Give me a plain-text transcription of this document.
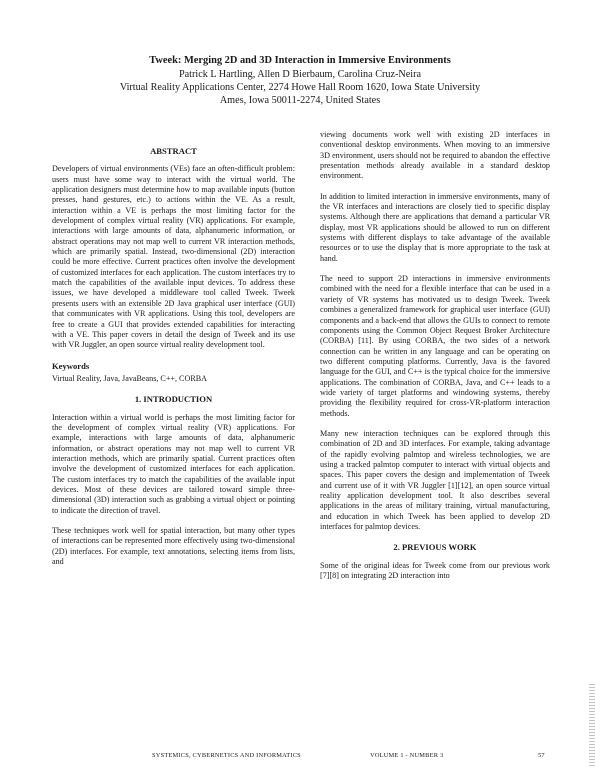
Tweek: Merging 2D and 3D Interaction in Immersive Environments
Patrick L Hartling, Allen D Bierbaum, Carolina Cruz-Neira
Virtual Reality Applications Center, 2274 Howe Hall Room 1620, Iowa State University
Ames, Iowa 50011-2274, United States
ABSTRACT

Developers of virtual environments (VEs) face an often-difficult problem: users must have some way to interact with the virtual world. The application designers must determine how to map available inputs (button presses, hand gestures, etc.) to actions within the VE. As a result, interaction within a VE is perhaps the most limiting factor for the development of complex virtual reality (VR) applications. For example, interactions with large amounts of data, alphanumeric information, or abstract operations may not map well to current VR interaction methods, which are primarily spatial. Instead, two-dimensional (2D) interaction could be more effective. Current practices often involve the development of customized interfaces for each application. The custom interfaces try to match the capabilities of the available input devices. To address these issues, we have developed a middleware tool called Tweek. Tweek presents users with an extensible 2D Java graphical user interface (GUI) that communicates with VR applications. Using this tool, developers are free to create a GUI that provides extended capabilities for interacting with a VE. This paper covers in detail the design of Tweek and its use with VR Juggler, an open source virtual reality development tool.

Keywords

Virtual Reality, Java, JavaBeans, C++, CORBA

1. INTRODUCTION

Interaction within a virtual world is perhaps the most limiting factor for the development of complex virtual reality (VR) applications. For example, interactions with large amounts of data, alphanumeric information, or abstract operations may not map well to current VR interaction methods, which are primarily spatial. Current practices often involve the development of customized interfaces for each application. The custom interfaces try to match the capabilities of the available input devices. Most of these devices are tailored toward simple three-dimensional (3D) interaction such as grabbing a virtual object or pointing to indicate the direction of travel.

These techniques work well for spatial interaction, but many other types of interactions can be represented more effectively using two-dimensional (2D) interfaces. For example, text annotations, selecting items from lists, and

viewing documents work well with existing 2D interfaces in conventional desktop environments. When moving to an immersive 3D environment, users should not be required to abandon the effective presentation methods already available in a standard desktop environment.

In addition to limited interaction in immersive environments, many of the VR interfaces and interactions are closely tied to specific display systems. Although there are applications that demand a particular VR display, most VR applications should be allowed to run on different systems with different displays to take advantage of the available resources or to use the display that is more appropriate to the task at hand.

The need to support 2D interactions in immersive environments combined with the need for a flexible interface that can be used in a variety of VR systems has motivated us to design Tweek. Tweek combines a generalized framework for graphical user interface (GUI) components and a back-end that allows the GUIs to connect to remote components using the Common Object Request Broker Architecture (CORBA) [11]. By using CORBA, the two sides of a network connection can be written in any language and can be operating on two different computing platforms. Currently, Java is the favored language for the GUI, and C++ is the typical choice for the immersive applications. The combination of CORBA, Java, and C++ leads to a wide variety of target platforms and windowing systems, thereby providing the flexibility required for cross-VR-platform interaction methods.

Many new interaction techniques can be explored through this combination of 2D and 3D interfaces. For example, taking advantage of the rapidly evolving palmtop and wireless technologies, we are using a tracked palmtop computer to interact with virtual objects and spaces. This paper covers the design and implementation of Tweek and current use of it with VR Juggler [1][12], an open source virtual reality application development tool. It also describes several applications in the areas of military training, virtual manufacturing, and education in which Tweek has been applied to develop 2D interfaces for palmtop devices.

2. PREVIOUS WORK

Some of the original ideas for Tweek come from our previous work [7][8] on integrating 2D interaction into

SYSTEMICS, CYBERNETICS AND INFORMATICS	VOLUME 1 - NUMBER 3	57
